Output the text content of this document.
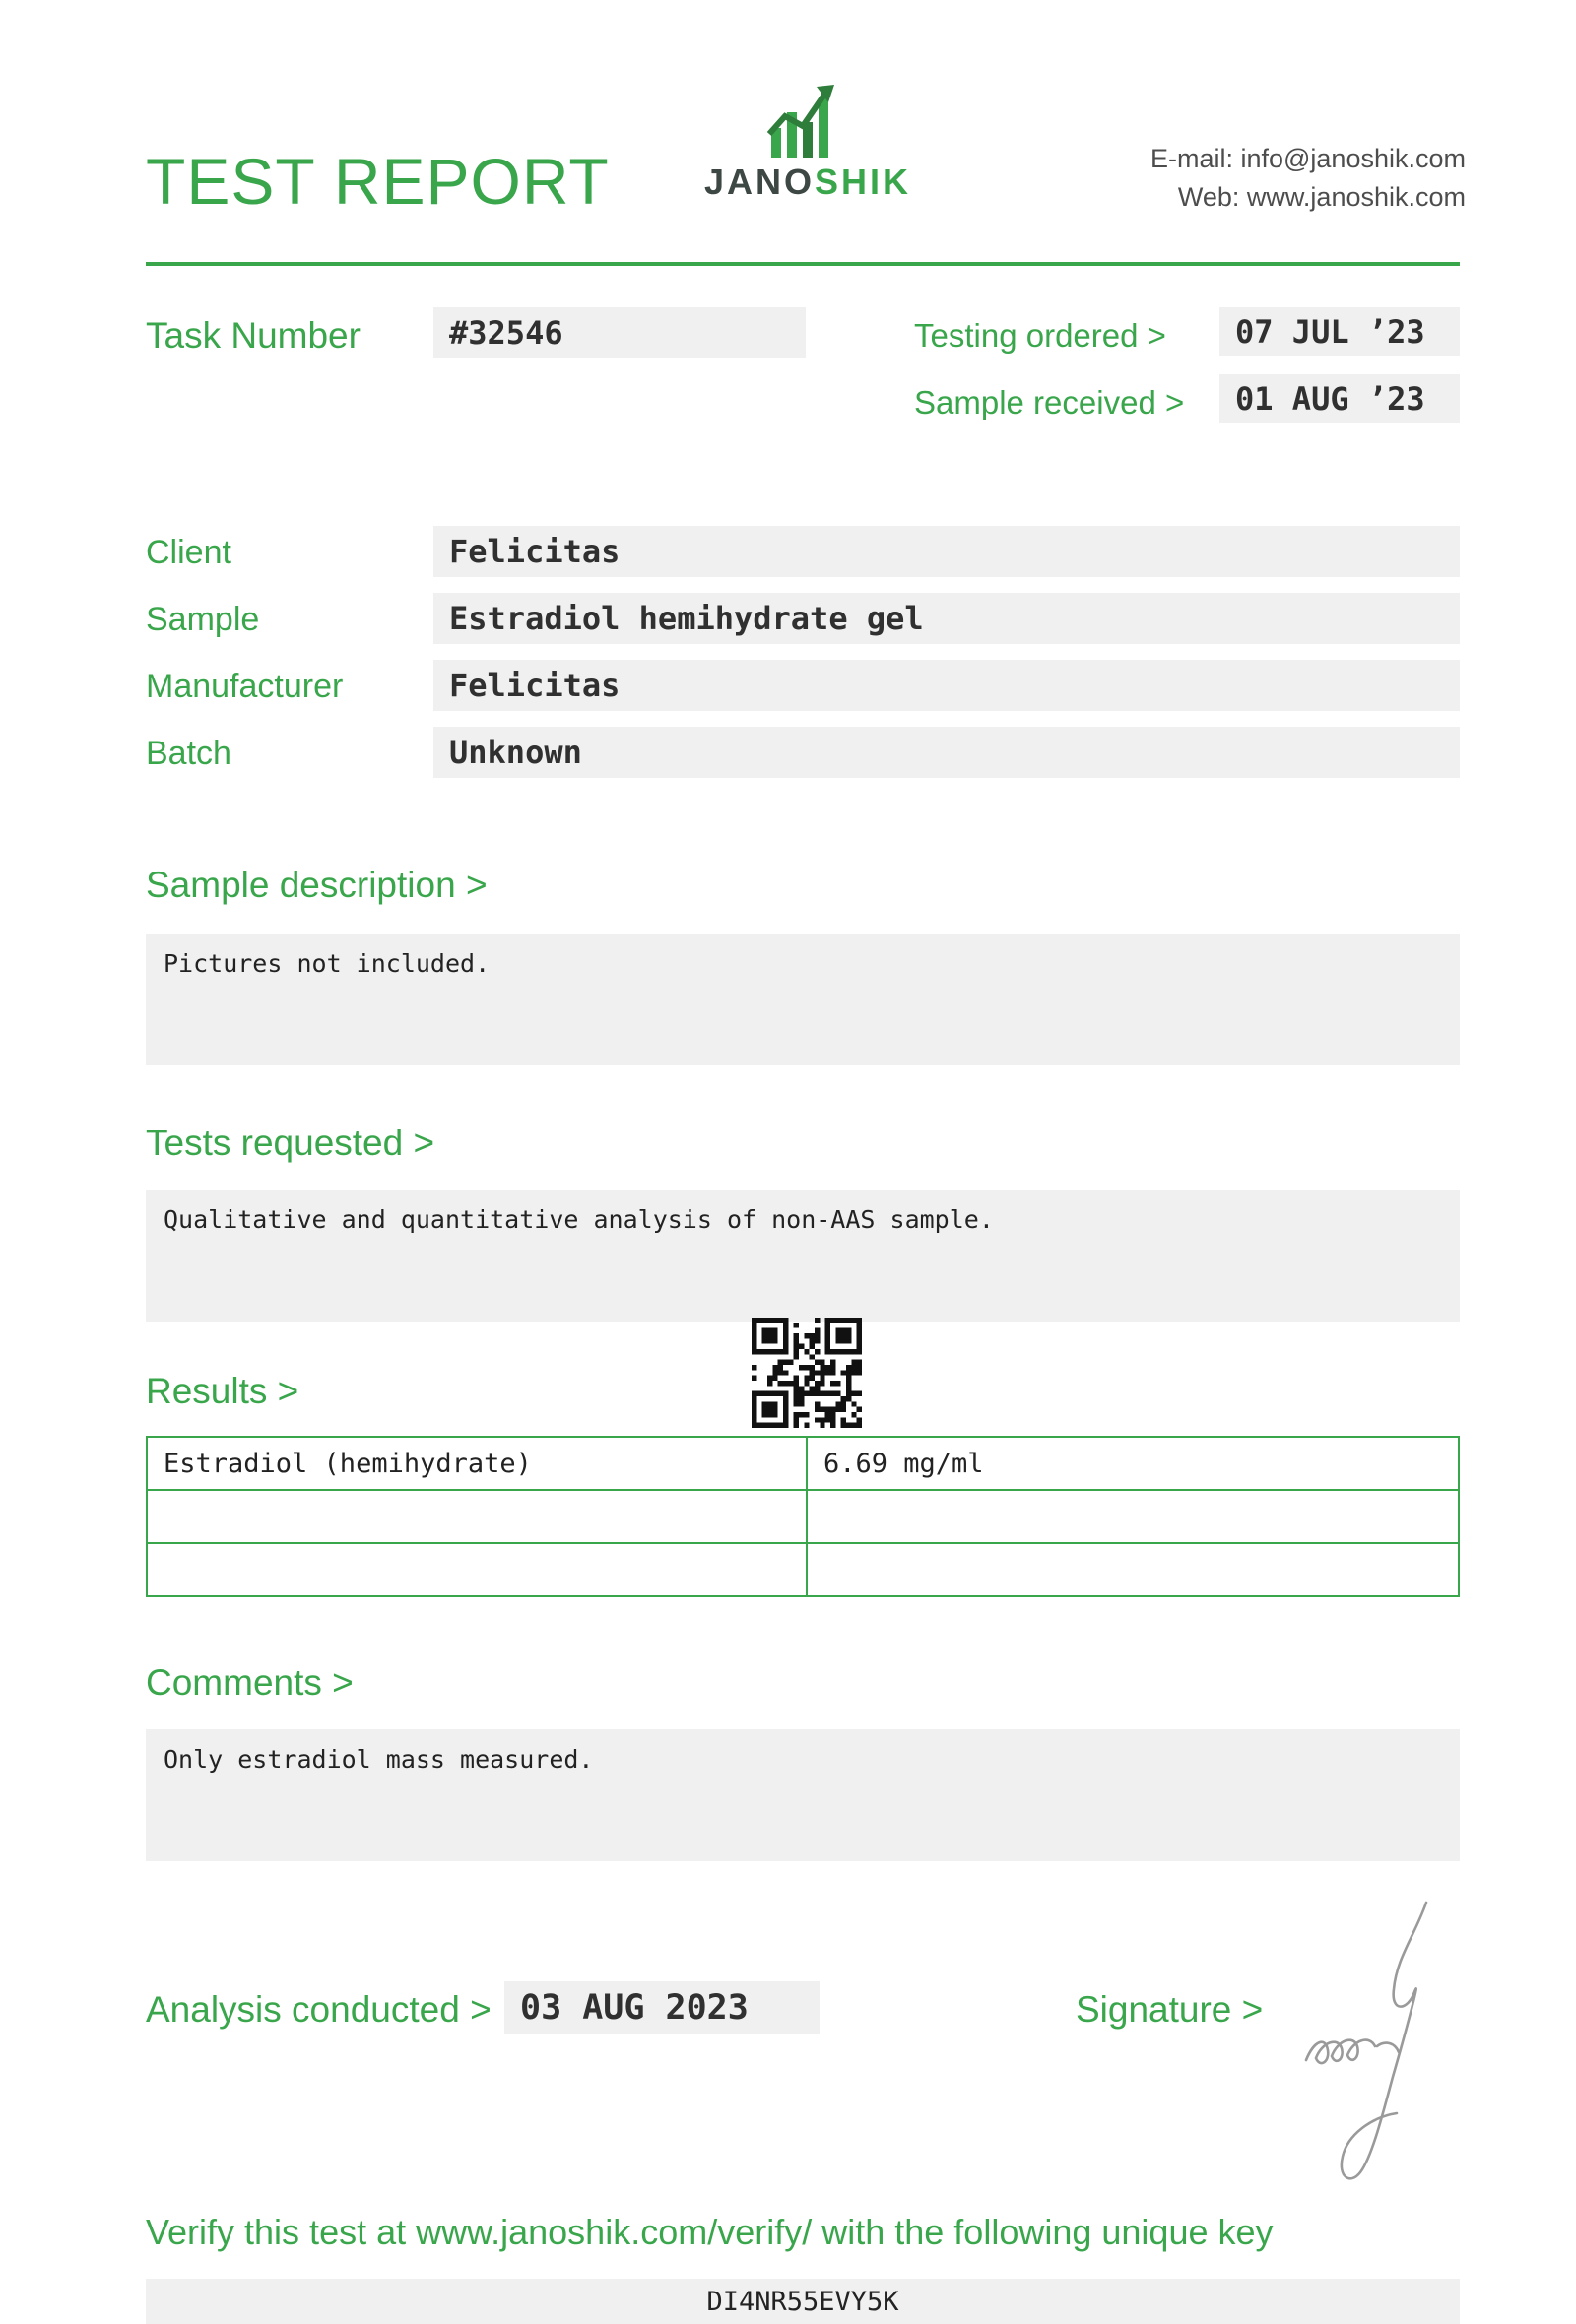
TEST REPORT	JANOSHIK
E-mail: info@janoshik.com
Web: www.janoshik.com
Task Number	#32546	Testing ordered >	07 JUL ’23
Sample received >	01 AUG ’23
Client	Felicitas
Sample	Estradiol hemihydrate gel
Manufacturer	Felicitas
Batch	Unknown
Sample description >
Pictures not included.
Tests requested >
Qualitative and quantitative analysis of non-AAS sample.
Results >
Estradiol (hemihydrate)	6.69 mg/ml

Comments >
Only estradiol mass measured.
Analysis conducted > 03 AUG 2023	Signature >
Verify this test at www.janoshik.com/verify/ with the following unique key
DI4NR55EVY5K
